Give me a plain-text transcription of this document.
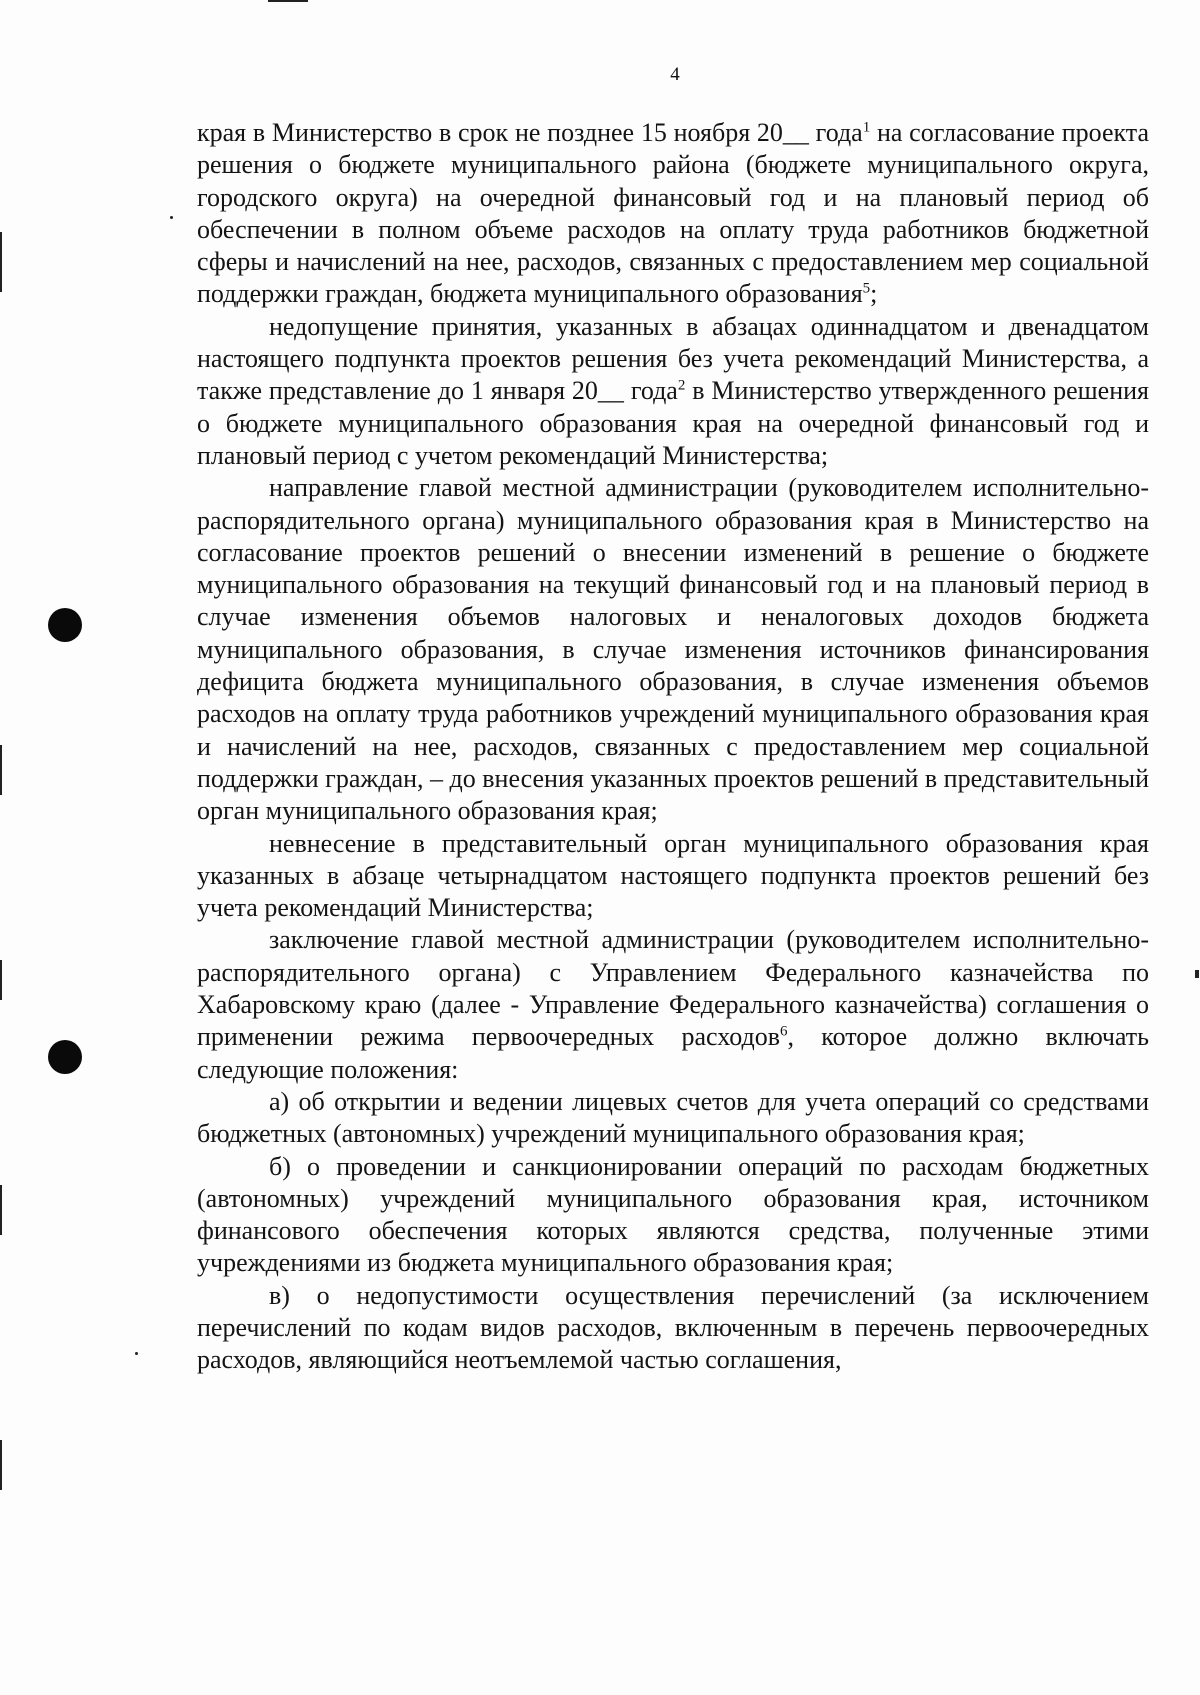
4

края в Министерство в срок не позднее 15 ноября 20__ года$^1$ на согласование проекта решения о бюджете муниципального района (бюджете муниципального округа, городского округа) на очередной финансовый год и на плановый период об обеспечении в полном объеме расходов на оплату труда работников бюджетной сферы и начислений на нее, расходов, связанных с предоставлением мер социальной поддержки граждан, бюджета муниципального образования$^5$;

недопущение принятия, указанных в абзацах одиннадцатом и двенадцатом настоящего подпункта проектов решения без учета рекомендаций Министерства, а также представление до 1 января 20__ года$^2$ в Министерство утвержденного решения о бюджете муниципального образования края на очередной финансовый год и плановый период с учетом рекомендаций Министерства;

направление главой местной администрации (руководителем исполнительно-распорядительного органа) муниципального образования края в Министерство на согласование проектов решений о внесении изменений в решение о бюджете муниципального образования на текущий финансовый год и на плановый период в случае изменения объемов налоговых и неналоговых доходов бюджета муниципального образования, в случае изменения источников финансирования дефицита бюджета муниципального образования, в случае изменения объемов расходов на оплату труда работников учреждений муниципального образования края и начислений на нее, расходов, связанных с предоставлением мер социальной поддержки граждан, – до внесения указанных проектов решений в представительный орган муниципального образования края;

невнесение в представительный орган муниципального образования края указанных в абзаце четырнадцатом настоящего подпункта проектов решений без учета рекомендаций Министерства;

заключение главой местной администрации (руководителем исполнительно-распорядительного органа) с Управлением Федерального казначейства по Хабаровскому краю (далее - Управление Федерального казначейства) соглашения о применении режима первоочередных расходов$^6$, которое должно включать следующие положения:

а) об открытии и ведении лицевых счетов для учета операций со средствами бюджетных (автономных) учреждений муниципального образования края;

б) о проведении и санкционировании операций по расходам бюджетных (автономных) учреждений муниципального образования края, источником финансового обеспечения которых являются средства, полученные этими учреждениями из бюджета муниципального образования края;

в) о недопустимости осуществления перечислений (за исключением перечислений по кодам видов расходов, включенным в перечень первоочередных расходов, являющийся неотъемлемой частью соглашения,
